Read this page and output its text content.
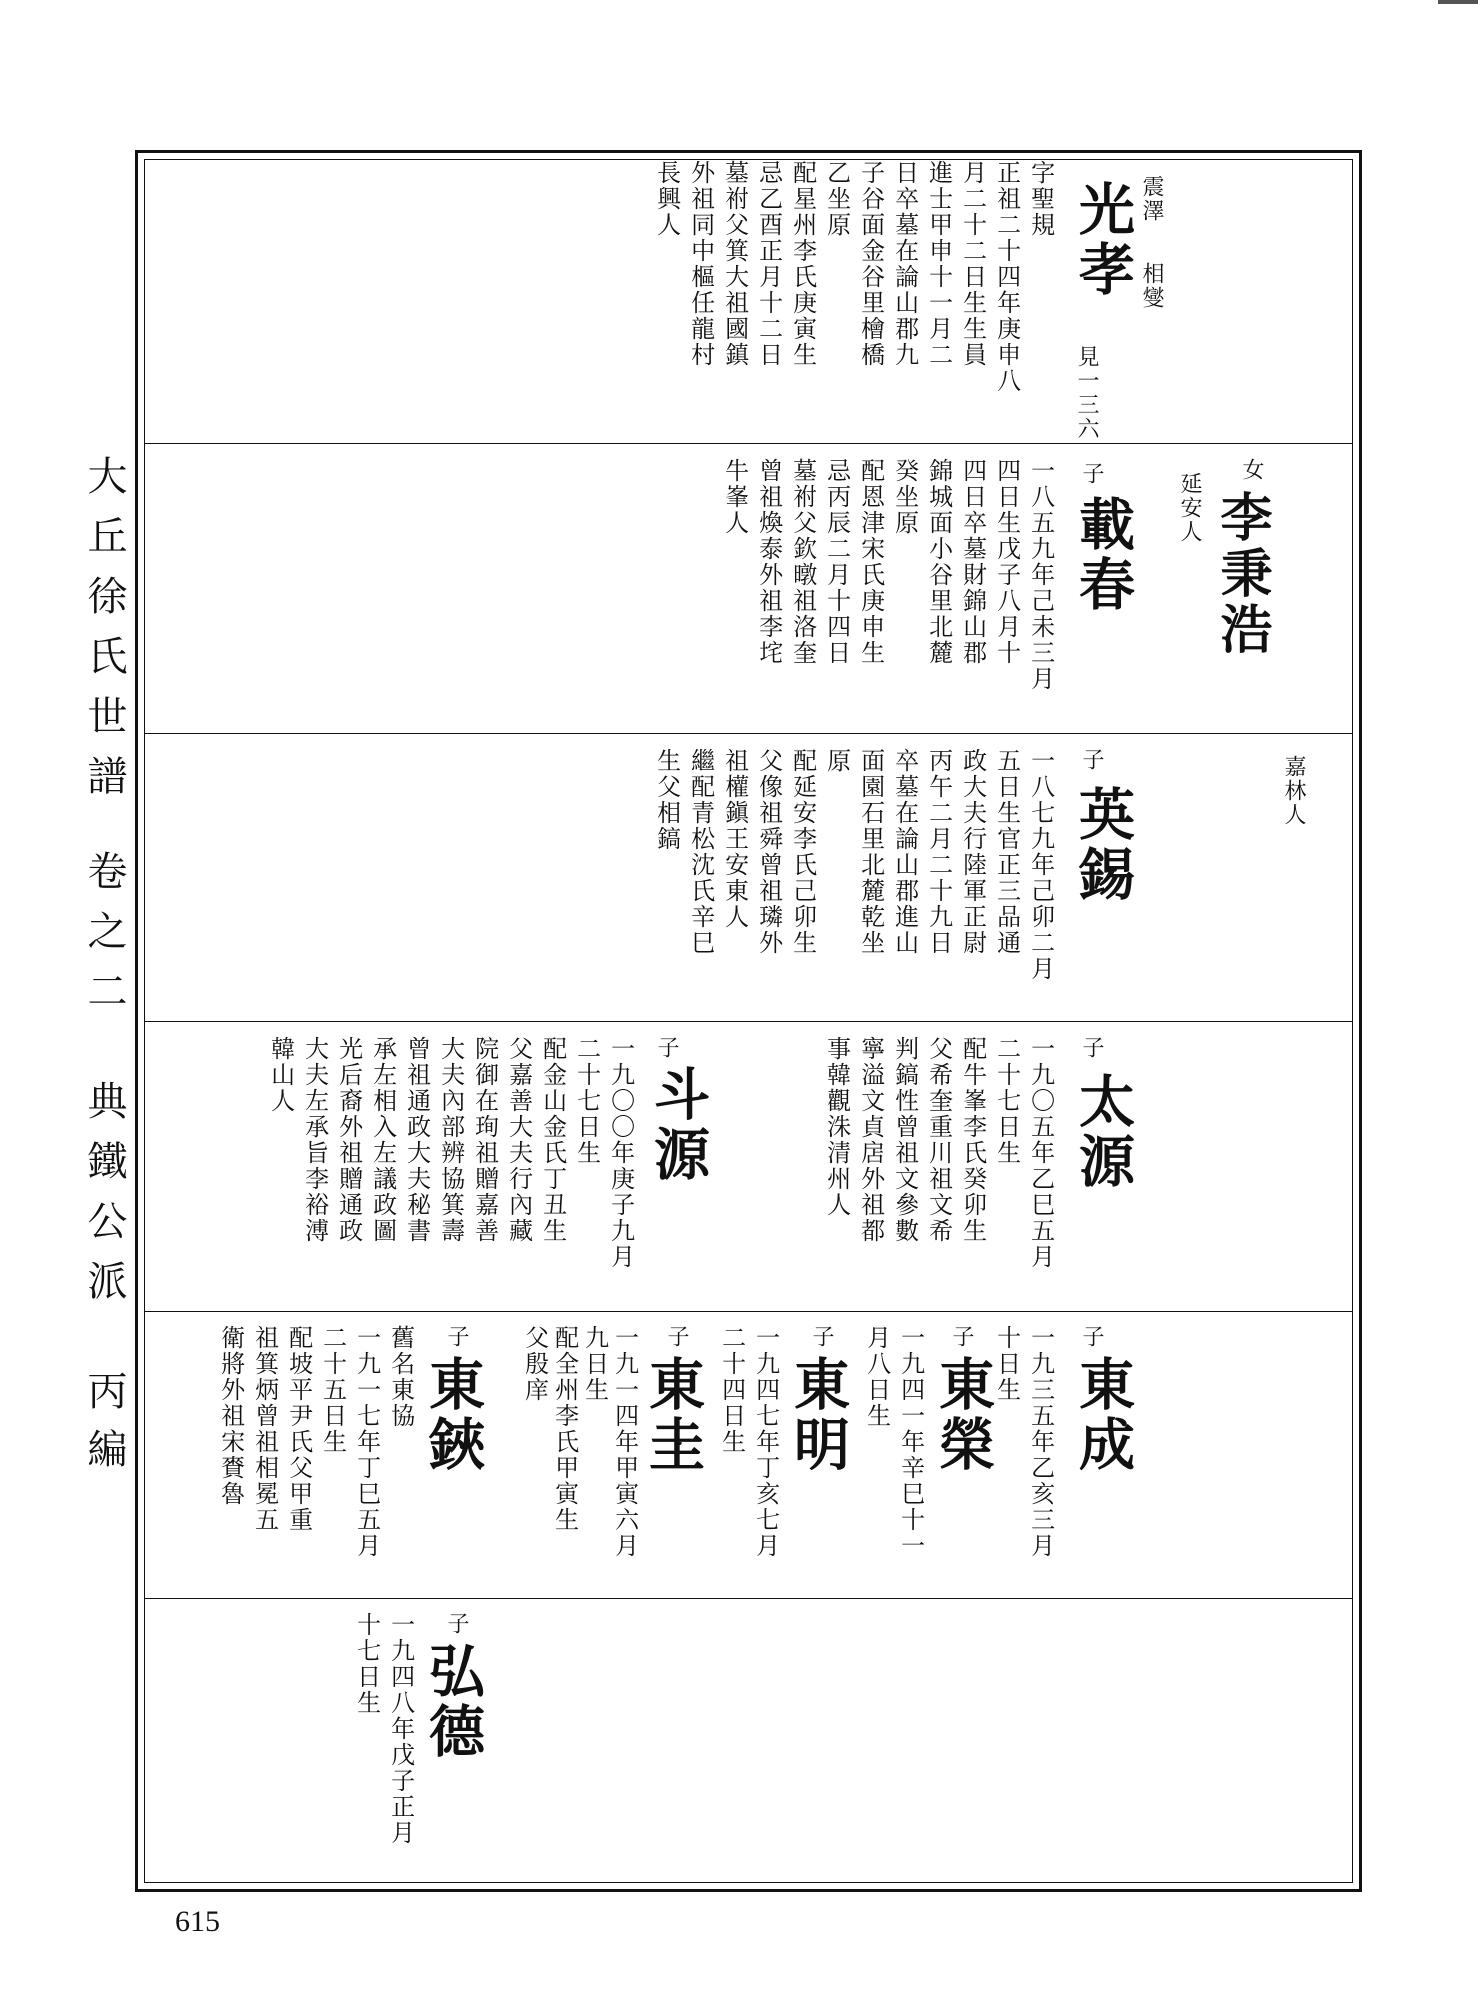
大丘徐氏世譜
卷之二
典鐵公派
丙編
震澤
相燮
光孝
見一三六
字聖規
正祖二十四年庚申八
月二十二日生生員
進士甲申十一月二
日卒墓在論山郡九
子谷面金谷里檜橋
乙坐原
配星州李氏庚寅生
忌乙酉正月十二日
墓祔父箕大祖國鎮
外祖同中樞任龍村
長興人
女
李秉浩
延安人
子
載春
一八五九年己未三月
四日生戊子八月十
四日卒墓財錦山郡
錦城面小谷里北麓
癸坐原
配恩津宋氏庚申生
忌丙辰二月十四日
墓祔父欽暾祖洛奎
曾祖煥泰外祖李垞
牛峯人
嘉林人
子
英錫
一八七九年己卯二月
五日生官正三品通
政大夫行陸軍正尉
丙午二月二十九日
卒墓在論山郡進山
面園石里北麓乾坐
原
配延安李氏己卯生
父像祖舜曾祖璘外
祖權鎭王安東人
繼配青松沈氏辛巳
生父相鎬
子
太源
一九〇五年乙巳五月
二十七日生
配牛峯李氏癸卯生
父希奎重川祖文希
判鎬性曾祖文參數
寧溢文貞扂外祖都
事韓觀洙清州人
子
斗源
一九〇〇年庚子九月
二十七日生
配金山金氏丁丑生
父嘉善大夫行內藏
院御在珣祖贈嘉善
大夫內部辨協箕壽
曾祖通政大夫秘書
承左相入左議政圖
光后裔外祖贈通政
大夫左承旨李裕溥
韓山人
子
東成
一九三五年乙亥三月
十日生
子
東榮
一九四一年辛巳十一
月八日生
子
東明
一九四七年丁亥七月
二十四日生
子
東圭
一九一四年甲寅六月
九日生
配全州李氏甲寅生
父殷庠
子
東鋏
舊名東協
一九一七年丁巳五月
二十五日生
配坡平尹氏父甲重
祖箕炳曾祖相冕五
衛將外祖宋賚魯
子
弘德
一九四八年戊子正月
十七日生
615
